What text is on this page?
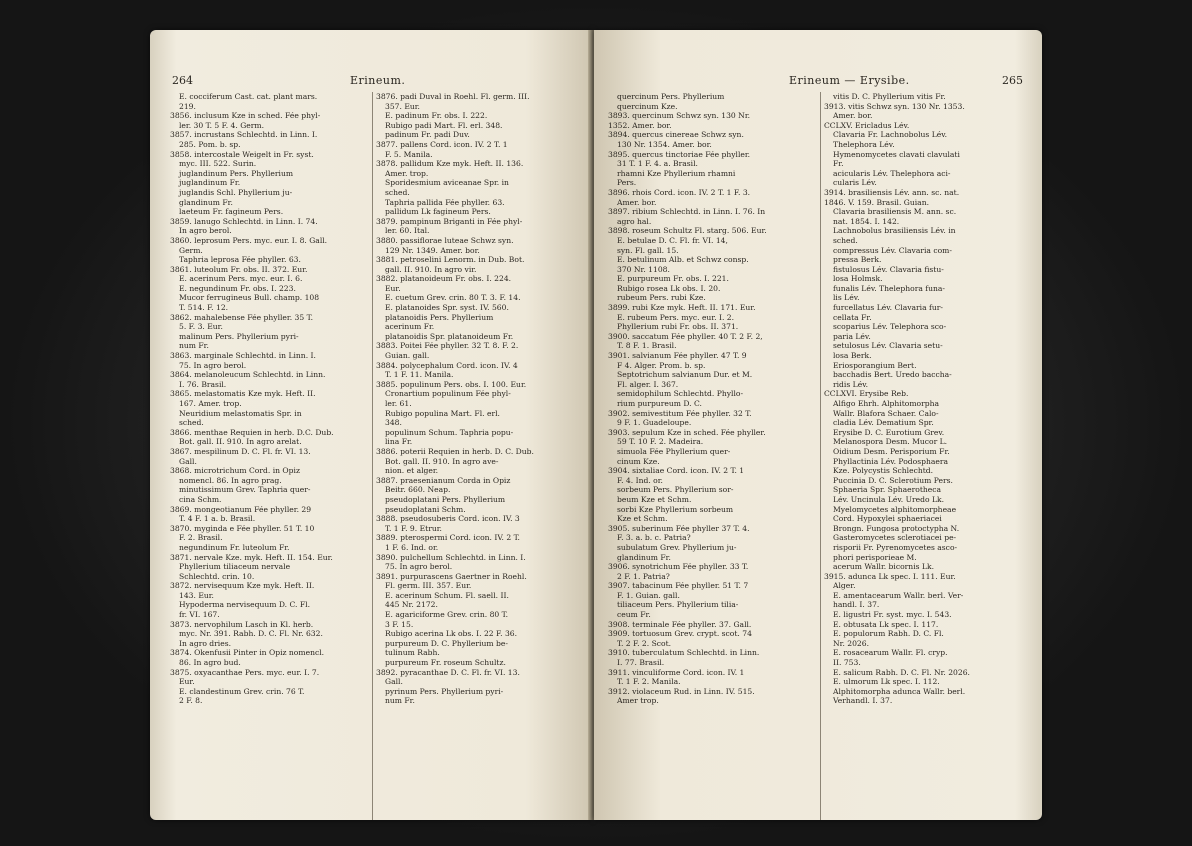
264	Erineum.

E. cocciferum Cast. cat. plant mars.

219.

3856. inclusum Kze in sched. Fée phyl-

ler. 30 T. 5 F. 4. Germ.

3857. incrustans Schlechtd. in Linn. I.

285. Pom. b. sp.

3858. intercostale Weigelt in Fr. syst.

myc. III. 522. Surin.

juglandinum Pers. Phyllerium

juglandinum Fr.

juglandis Schl. Phyllerium ju-

glandinum Fr.

laeteum Fr. fagineum Pers.

3859. lanugo Schlechtd. in Linn. I. 74.

In agro berol.

3860. leprosum Pers. myc. eur. I. 8. Gall.

Germ.

Taphria leprosa Fée phyller. 63.

3861. luteolum Fr. obs. II. 372. Eur.

E. acerinum Pers. myc. eur. I. 6.

E. negundinum Fr. obs. I. 223.

Mucor ferrugineus Bull. champ. 108

T. 514. F. 12.

3862. mahalebense Fée phyller. 35 T.

5. F. 3. Eur.

malinum Pers. Phyllerium pyri-

num Fr.

3863. marginale Schlechtd. in Linn. I.

75. In agro berol.

3864. melanoleucum Schlechtd. in Linn.

I. 76. Brasil.

3865. melastomatis Kze myk. Heft. II.

167. Amer. trop.

Neuridium melastomatis Spr. in

sched.

3866. menthae Requien in herb. D.C. Dub.

Bot. gall. II. 910. In agro arelat.

3867. mespilinum D. C. Fl. fr. VI. 13.

Gall.

3868. microtrichum Cord. in Opiz

nomencl. 86. In agro prag.

minutissimum Grev. Taphria quer-

cina Schm.

3869. mongeotianum Fée phyller. 29

T. 4 F. 1 a. b. Brasil.

3870. myginda e Fée phyller. 51 T. 10

F. 2. Brasil.

negundinum Fr. luteolum Fr.

3871. nervale Kze. myk. Heft. II. 154. Eur.

Phyllerium tiliaceum nervale

Schlechtd. crin. 10.

3872. nervisequum Kze myk. Heft. II.

143. Eur.

Hypoderma nervisequum D. C. Fl.

fr. VI. 167.

3873. nervophilum Lasch in Kl. herb.

myc. Nr. 391. Rabh. D. C. Fl. Nr. 632.

In agro dries.

3874. Okenfusii Pinter in Opiz nomencl.

86. In agro bud.

3875. oxyacanthae Pers. myc. eur. I. 7.

Eur.

E. clandestinum Grev. crin. 76 T.

2 F. 8.

3876. padi Duval in Roehl. Fl. germ. III.

357. Eur.

E. padinum Fr. obs. I. 222.

Rubigo padi Mart. Fl. erl. 348.

padinum Fr. padi Duv.

3877. pallens Cord. icon. IV. 2 T. 1

F. 5. Manila.

3878. pallidum Kze myk. Heft. II. 136.

Amer. trop.

Sporidesmium aviceanae Spr. in

sched.

Taphria pallida Fée phyller. 63.

pallidum Lk fagineum Pers.

3879. pampinum Briganti in Fée phyl-

ler. 60. Ital.

3880. passiflorae luteae Schwz syn.

129 Nr. 1349. Amer. bor.

3881. petroselini Lenorm. in Dub. Bot.

gall. II. 910. In agro vir.

3882. platanoideum Fr. obs. I. 224.

Eur.

E. cuetum Grev. crin. 80 T. 3. F. 14.

E. platanoides Spr. syst. IV. 560.

platanoidis Pers. Phyllerium

acerinum Fr.

platanoidis Spr. platanoideum Fr.

3883. Poitei Fée phyller. 32 T. 8. F. 2.

Guian. gall.

3884. polycephalum Cord. icon. IV. 4

T. 1 F. 11. Manila.

3885. populinum Pers. obs. I. 100. Eur.

Cronartium populinum Fée phyl-

ler. 61.

Rubigo populina Mart. Fl. erl.

348.

populinum Schum. Taphria popu-

lina Fr.

3886. poterii Requien in herb. D. C. Dub.

Bot. gall. II. 910. In agro ave-

nion. et alger.

3887. praesenianum Corda in Opiz

Beitr. 660. Neap.

pseudoplatani Pers. Phyllerium

pseudoplatani Schm.

3888. pseudosuberis Cord. icon. IV. 3

T. 1 F. 9. Etrur.

3889. pterospermi Cord. icon. IV. 2 T.

1 F. 6. Ind. or.

3890. pulchellum Schlechtd. in Linn. I.

75. In agro berol.

3891. purpurascens Gaertner in Roehl.

Fl. germ. III. 357. Eur.

E. acerinum Schum. Fl. saell. II.

445 Nr. 2172.

E. agariciforme Grev. crin. 80 T.

3 F. 15.

Rubigo acerina Lk obs. I. 22 F. 36.

purpureum D. C. Phyllerium be-

tulinum Rabh.

purpureum Fr. roseum Schultz.

3892. pyracanthae D. C. Fl. fr. VI. 13.

Gall.

pyrinum Pers. Phyllerium pyri-

num Fr.

Erineum — Erysibe.	265

quercinum Pers. Phyllerium

quercinum Kze.

3893. quercinum Schwz syn. 130 Nr.

1352. Amer. bor.

3894. quercus cinereae Schwz syn.

130 Nr. 1354. Amer. bor.

3895. quercus tinctoriae Fée phyller.

31 T. 1 F. 4. a. Brasil.

rhamni Kze Phyllerium rhamni

Pers.

3896. rhois Cord. icon. IV. 2 T. 1 F. 3.

Amer. bor.

3897. ribium Schlechtd. in Linn. I. 76. In

agro hal.

3898. roseum Schultz Fl. starg. 506. Eur.

E. betulae D. C. Fl. fr. VI. 14,

syn. Fl. gall. 15.

E. betulinum Alb. et Schwz consp.

370 Nr. 1108.

E. purpureum Fr. obs. I. 221.

Rubigo rosea Lk obs. I. 20.

rubeum Pers. rubi Kze.

3899. rubi Kze myk. Heft. II. 171. Eur.

E. rubeum Pers. myc. eur. I. 2.

Phyllerium rubi Fr. obs. II. 371.

3900. saccatum Fée phyller. 40 T. 2 F. 2,

T. 8 F. 1. Brasil.

3901. salvianum Fée phyller. 47 T. 9

F 4. Alger. Prom. b. sp.

Septotrichum salvianum Dur. et M.

Fl. alger. I. 367.

semidophilum Schlechtd. Phyllo-

rium purpureum D. C.

3902. semivestitum Fée phyller. 32 T.

9 F. 1. Guadeloupe.

3903. sepulum Kze in sched. Fée phyller.

59 T. 10 F. 2. Madeira.

simuola Fée Phyllerium quer-

cinum Kze.

3904. sixtaliae Cord. icon. IV. 2 T. 1

F. 4. Ind. or.

sorbeum Pers. Phyllerium sor-

beum Kze et Schm.

sorbi Kze Phyllerium sorbeum

Kze et Schm.

3905. suberinum Fée phyller 37 T. 4.

F. 3. a. b. c. Patria?

subulatum Grev. Phyllerium ju-

glandinum Fr.

3906. synotrichum Fée phyller. 33 T.

2 F. 1. Patria?

3907. tabacinum Fée phyller. 51 T. 7

F. 1. Guian. gall.

tiliaceum Pers. Phyllerium tilia-

ceum Fr.

3908. terminale Fée phyller. 37. Gall.

3909. tortuosum Grev. crypt. scot. 74

T. 2 F. 2. Scot.

3910. tuberculatum Schlechtd. in Linn.

I. 77. Brasil.

3911. vinculiforme Cord. icon. IV. 1

T. 1 F. 2. Manila.

3912. violaceum Rud. in Linn. IV. 515.

Amer trop.

vitis D. C. Phyllerium vitis Fr.

3913. vitis Schwz syn. 130 Nr. 1353.

Amer. bor.

CCLXV. Ericladus Lév.

Clavaria Fr. Lachnobolus Lév.

Thelephora Lév.

Hymenomycetes clavati clavulati

Fr.

acicularis Lév. Thelephora aci-

cularis Lév.

3914. brasiliensis Lév. ann. sc. nat.

1846. V. 159. Brasil. Guian.

Clavaria brasiliensis M. ann. sc.

nat. 1854. I. 142.

Lachnobolus brasiliensis Lév. in

sched.

compressus Lév. Clavaria com-

pressa Berk.

fistulosus Lév. Clavaria fistu-

losa Holmsk.

funalis Lév. Thelephora funa-

lis Lév.

furcellatus Lév. Clavaria fur-

cellata Fr.

scoparius Lév. Telephora sco-

paria Lév.

setulosus Lév. Clavaria setu-

losa Berk.

Eriosporangium Bert.

bacchadis Bert. Uredo baccha-

ridis Lév.

CCLXVI. Erysibe Reb.

Alfigo Ehrh. Alphitomorpha

Wallr. Blafora Schaer. Calo-

cladia Lév. Dematium Spr.

Erysibe D. C. Eurotium Grev.

Melanospora Desm. Mucor L.

Oidium Desm. Perisporium Fr.

Phyllactinia Lév. Podosphaera

Kze. Polycystis Schlechtd.

Puccinia D. C. Sclerotium Pers.

Sphaeria Spr. Sphaerotheca

Lév. Uncinula Lév. Uredo Lk.

Myelomycetes alphitomorpheae

Cord. Hypoxylei sphaeriacei

Brongn. Fungosa protoctypha N.

Gasteromycetes sclerotiacei pe-

risporii Fr. Pyrenomycetes asco-

phori perisporieae M.

acerum Wallr. bicornis Lk.

3915. adunca Lk spec. I. 111. Eur.

Alger.

E. amentacearum Wallr. berl. Ver-

handl. I. 37.

E. ligustri Fr. syst. myc. I. 543.

E. obtusata Lk spec. I. 117.

E. populorum Rabh. D. C. Fl.

Nr. 2026.

E. rosacearum Wallr. Fl. cryp.

II. 753.

E. salicum Rabh. D. C. Fl. Nr. 2026.

E. ulmorum Lk spec. I. 112.

Alphitomorpha adunca Wallr. berl.

Verhandl. I. 37.
